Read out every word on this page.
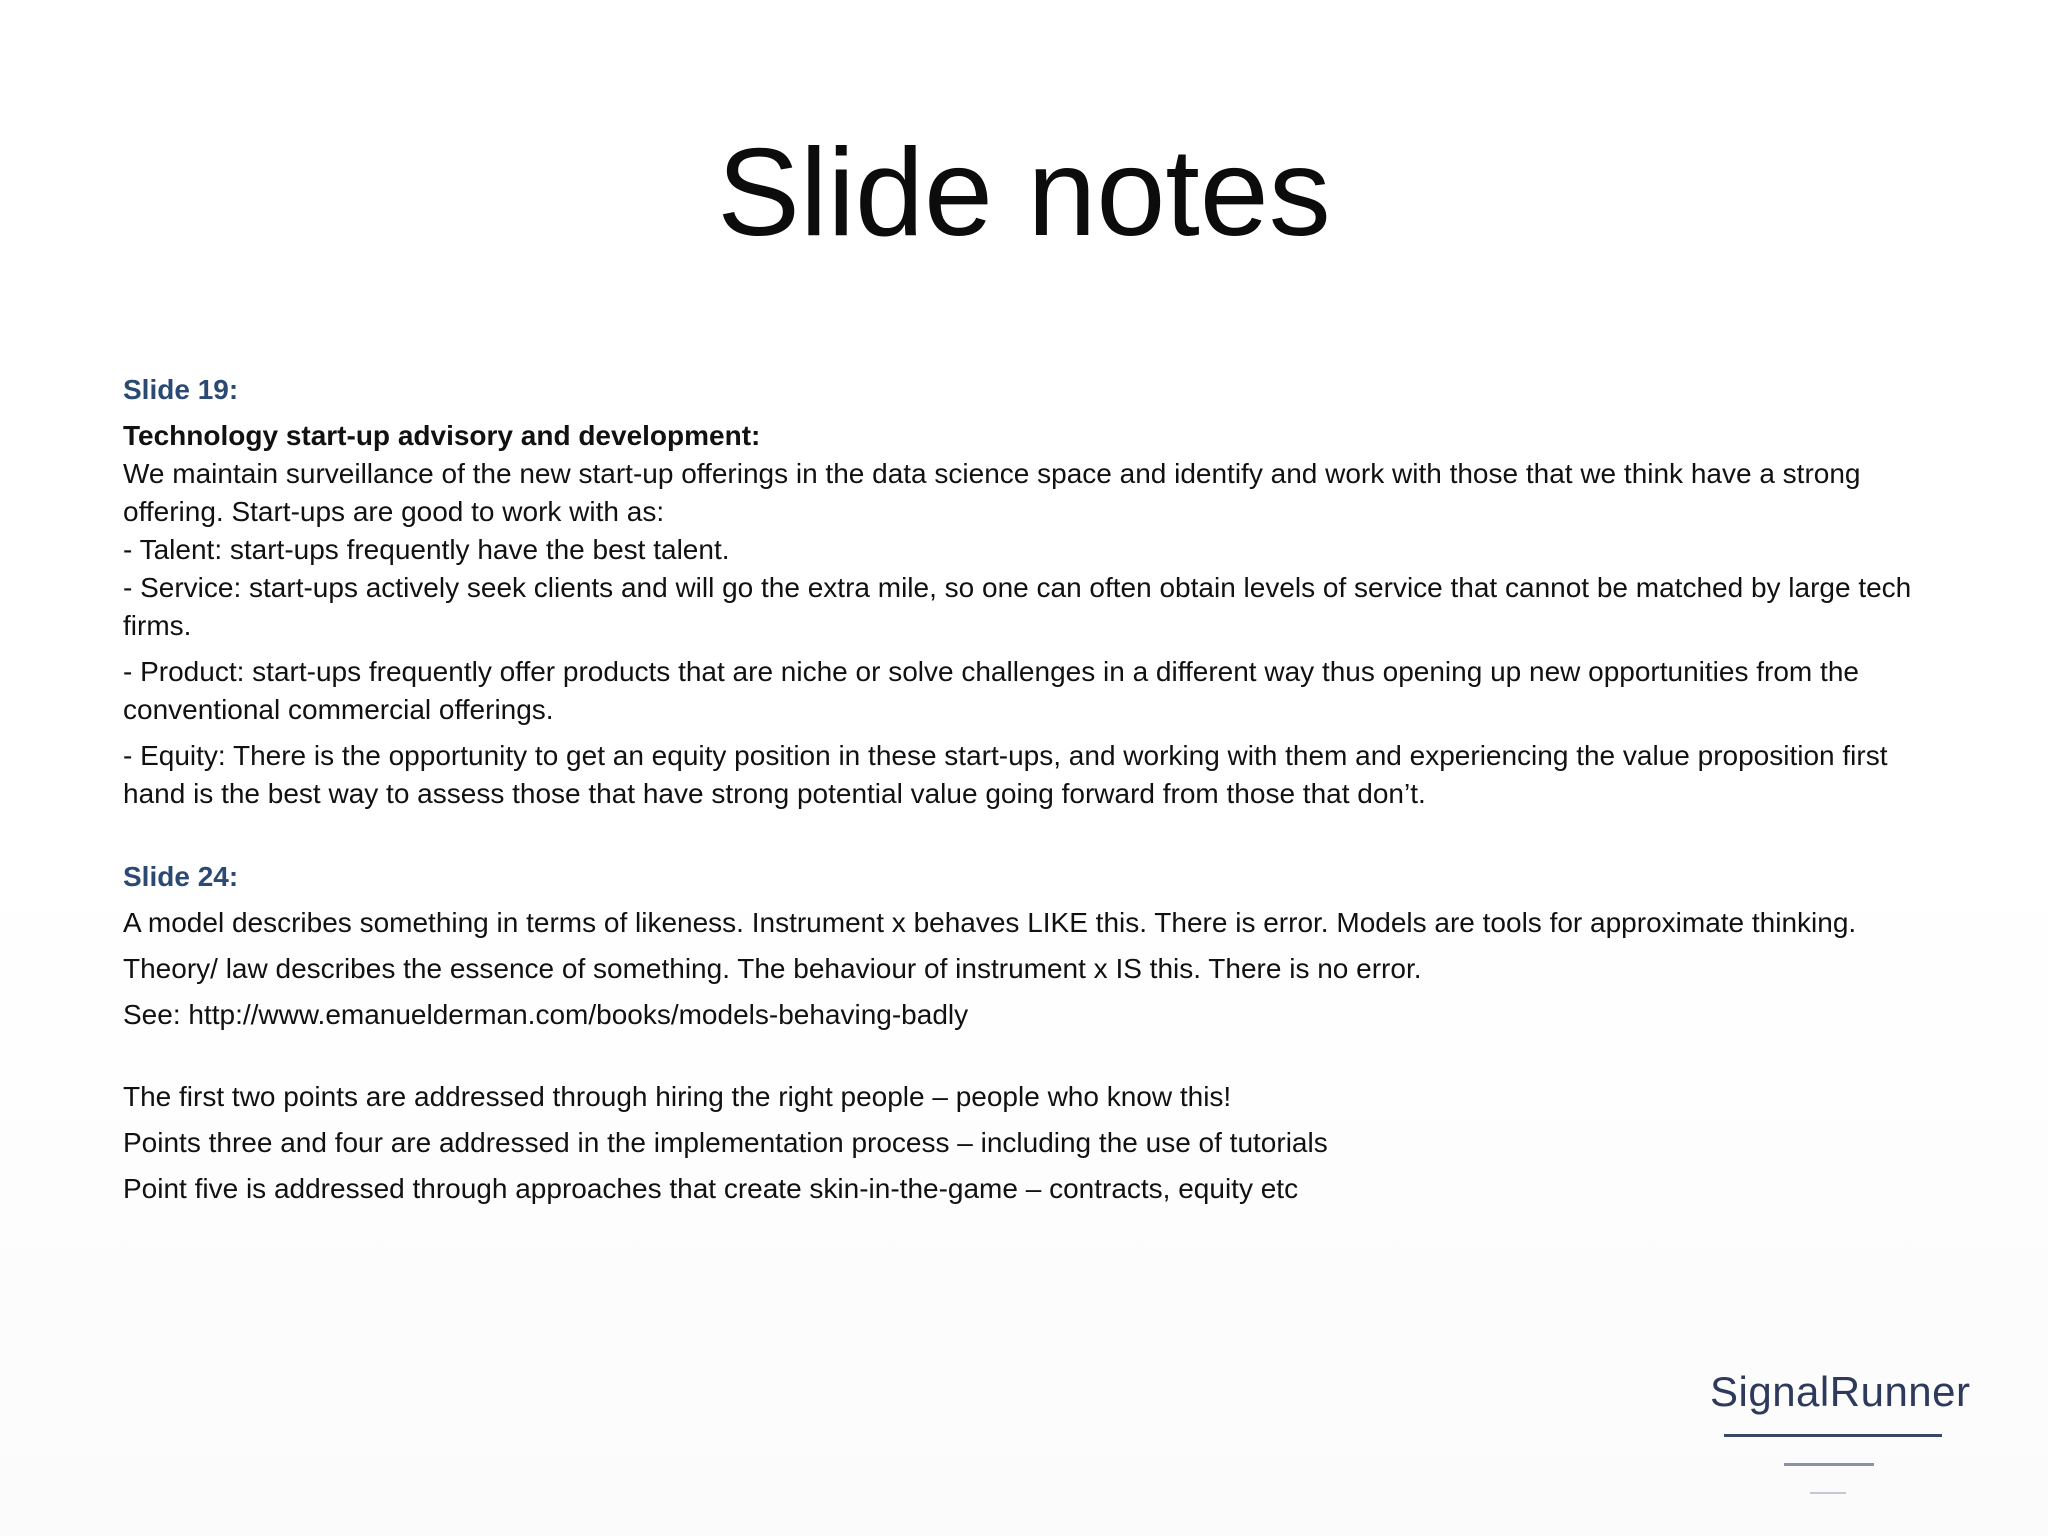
Slide notes

Slide 19:

Technology start-up advisory and development:

We maintain surveillance of the new start-up offerings in the data science space and identify and work with those that we think have a strong offering. Start-ups are good to work with as:

- Talent: start-ups frequently have the best talent.

- Service: start-ups actively seek clients and will go the extra mile, so one can often obtain levels of service that cannot be matched by large tech firms.

- Product: start-ups frequently offer products that are niche or solve challenges in a different way thus opening up new opportunities from the conventional commercial offerings.

- Equity: There is the opportunity to get an equity position in these start-ups, and working with them and experiencing the value proposition first hand is the best way to assess those that have strong potential value going forward from those that don’t.

Slide 24:

A model describes something in terms of likeness. Instrument x behaves LIKE this. There is error. Models are tools for approximate thinking.

Theory/ law describes the essence of something. The behaviour of instrument x IS this. There is no error.

See: http://www.emanuelderman.com/books/models-behaving-badly

The first two points are addressed through hiring the right people – people who know this!

Points three and four are addressed in the implementation process – including the use of tutorials

Point five is addressed through approaches that create skin-in-the-game – contracts, equity etc

SignalRunner
